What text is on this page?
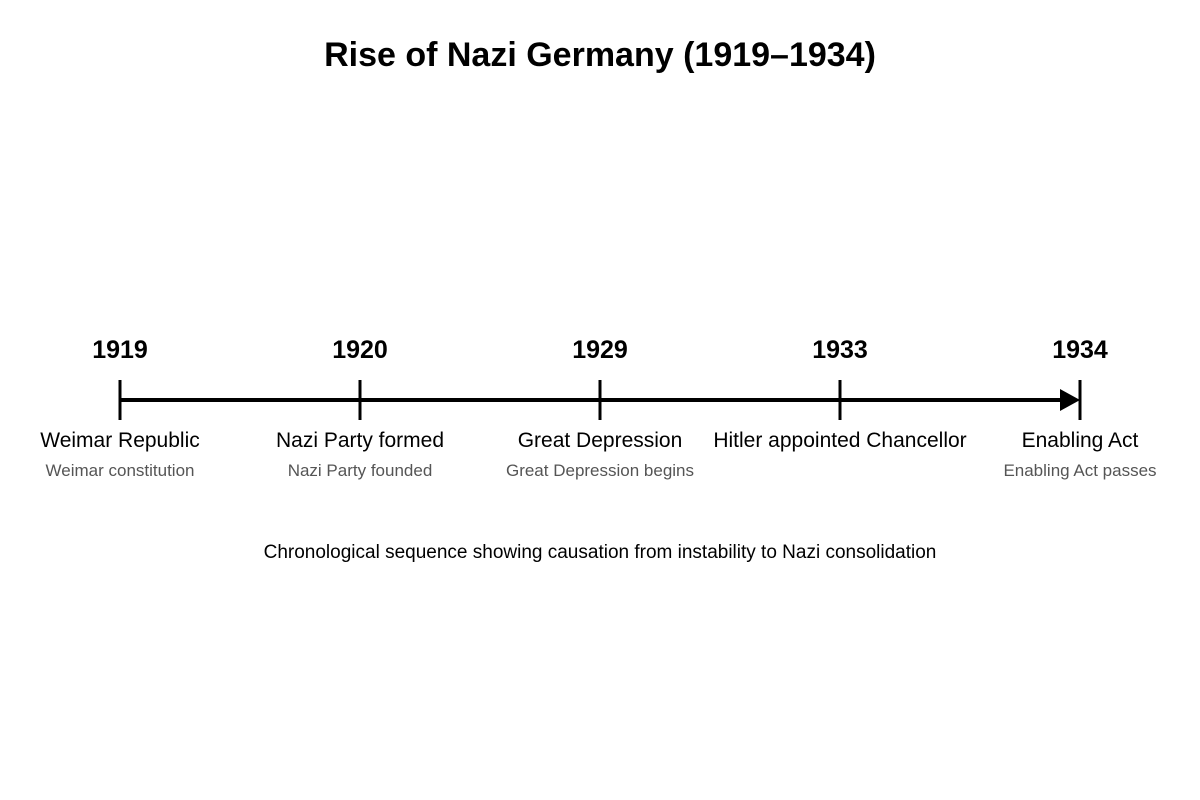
Rise of Nazi Germany (1919–1934)
1919
Weimar Republic
Weimar constitution
1920
Nazi Party formed
Nazi Party founded
1929
Great Depression
Great Depression begins
1933
Hitler appointed Chancellor
1934
Enabling Act
Enabling Act passes
Chronological sequence showing causation from instability to Nazi consolidation
